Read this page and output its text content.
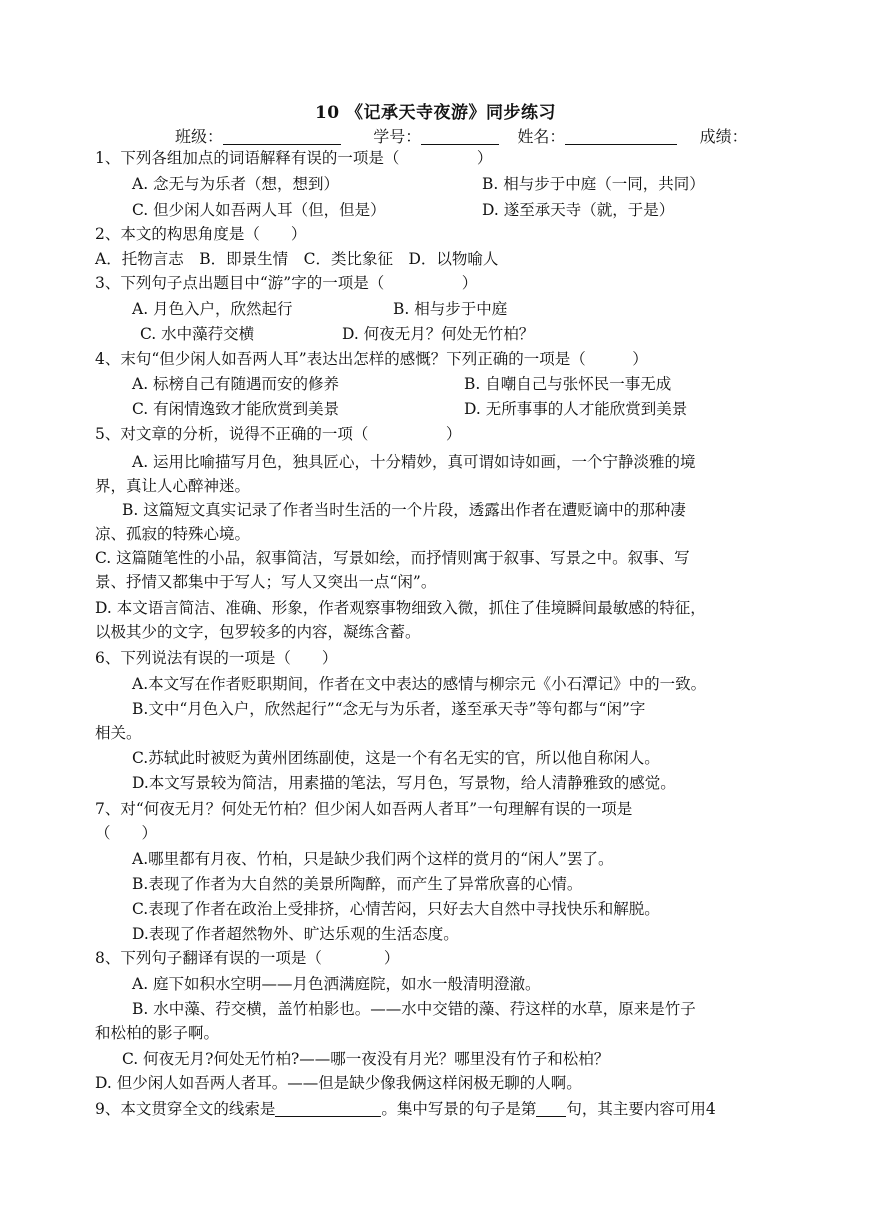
10 《记承天寺夜游》同步练习
班级：	学号：	姓名：	成绩：
1、下列各组加点的词语解释有误的一项是（　　　　　）
A. 念无与为乐者（想，想到）	B. 相与步于中庭（一同，共同）
C. 但少闲人如吾两人耳（但，但是）	D. 遂至承天寺（就，于是）
2、本文的构思角度是（　　）
A．托物言志　B．即景生情　C．类比象征　D．以物喻人
3、下列句子点出题目中“游”字的一项是（　　　　　）
A. 月色入户，欣然起行	B. 相与步于中庭
C. 水中藻荇交横	D. 何夜无月？何处无竹柏？
4、末句“但少闲人如吾两人耳”表达出怎样的感慨？下列正确的一项是（　　　）
A. 标榜自己有随遇而安的修养	B. 自嘲自己与张怀民一事无成
C. 有闲情逸致才能欣赏到美景	D. 无所事事的人才能欣赏到美景
5、对文章的分析，说得不正确的一项（　　　　　）
A. 运用比喻描写月色，独具匠心，十分精妙，真可谓如诗如画，一个宁静淡雅的境
界，真让人心醉神迷。
B. 这篇短文真实记录了作者当时生活的一个片段，透露出作者在遭贬谪中的那种凄
凉、孤寂的特殊心境。
C. 这篇随笔性的小品，叙事简洁，写景如绘，而抒情则寓于叙事、写景之中。叙事、写
景、抒情又都集中于写人；写人又突出一点“闲”。
D. 本文语言简洁、准确、形象，作者观察事物细致入微，抓住了佳境瞬间最敏感的特征，
以极其少的文字，包罗较多的内容，凝练含蓄。
6、下列说法有误的一项是（　　）
A.本文写在作者贬职期间，作者在文中表达的感情与柳宗元《小石潭记》中的一致。
B.文中“月色入户，欣然起行”“念无与为乐者，遂至承天寺”等句都与“闲”字
相关。
C.苏轼此时被贬为黄州团练副使，这是一个有名无实的官，所以他自称闲人。
D.本文写景较为简洁，用素描的笔法，写月色，写景物，给人清静雅致的感觉。
7、对“何夜无月？何处无竹柏？但少闲人如吾两人者耳”一句理解有误的一项是
（　　）
A.哪里都有月夜、竹柏，只是缺少我们两个这样的赏月的“闲人”罢了。
B.表现了作者为大自然的美景所陶醉，而产生了异常欣喜的心情。
C.表现了作者在政治上受排挤，心情苦闷，只好去大自然中寻找快乐和解脱。
D.表现了作者超然物外、旷达乐观的生活态度。
8、下列句子翻译有误的一项是（　　　　）
A. 庭下如积水空明——月色洒满庭院，如水一般清明澄澈。
B. 水中藻、荇交横，盖竹柏影也。——水中交错的藻、荇这样的水草，原来是竹子
和松柏的影子啊。
C. 何夜无月?何处无竹柏?——哪一夜没有月光？哪里没有竹子和松柏？
D. 但少闲人如吾两人者耳。——但是缺少像我俩这样闲极无聊的人啊。
9、本文贯穿全文的线索是	。集中写景的句子是第 句，其主要内容可用4
